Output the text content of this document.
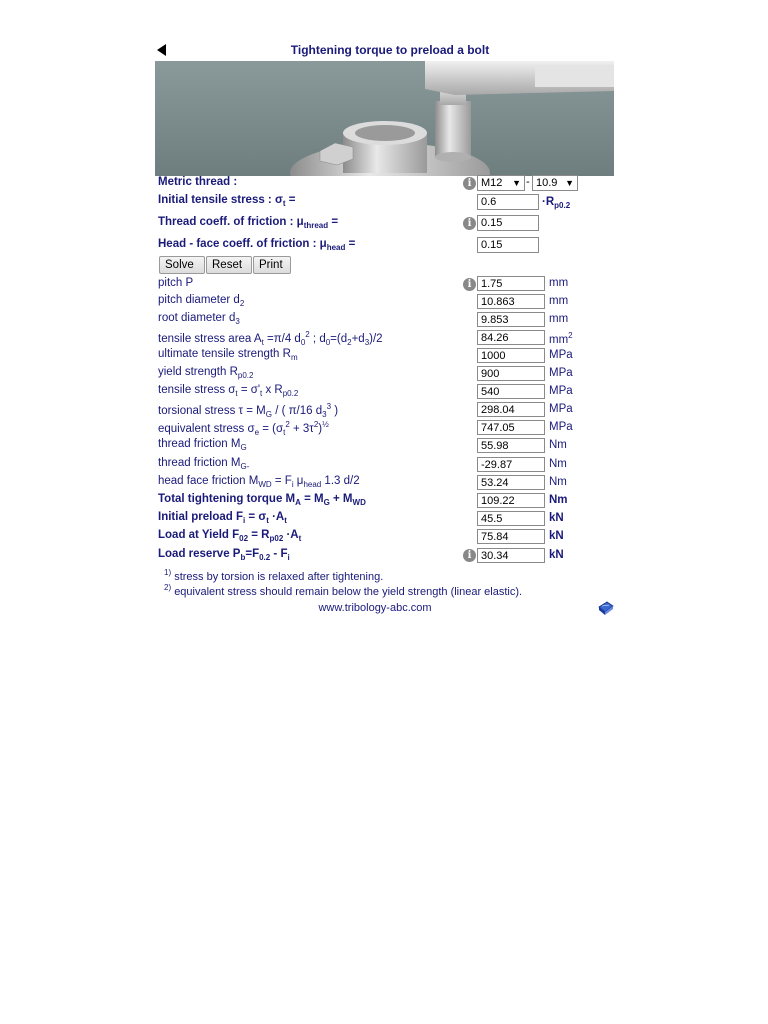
Tightening torque to preload a bolt
Metric thread :	i M12 ▼ - 10.9 ▼
Initial tensile stress : $\sigma_t$ =	0.6	$\cdot R_{p0.2}$
Thread coeff. of friction : $\mu_{thread}$ =	i 0.15
Head - face coeff. of friction : $\mu_{head}$ =	0.15
Solve	Reset	Print
pitch P	i 1.75	mm
pitch diameter $d_2$	10.863	mm
root diameter $d_3$	9.853	mm
tensile stress area $A_t =\pi/4$ $d_0^2$ ; $d_0=(d_2+d_3)/2$	84.26	$mm^2$
ultimate tensile strength $R_m$	1000	MPa
yield strength $R_{p0.2}$	900	MPa
tensile stress $\sigma_t = \sigma'_t$ x $R_{p0.2}$	540	MPa
torsional stress $\tau = M_G$ / ( π/16 $d_3^3$ )	298.04	MPa
equivalent stress $\sigma_e = (\sigma_t^2 + 3\tau^2)^{\frac{1}{2}}$	747.05	MPa
thread friction $M_G$	55.98	Nm
thread friction $M_{G-}$	-29.87	Nm
head face friction $M_{WD} = F_i$ $\mu_{head}$ 1.3 d/2	53.24	Nm
Total tightening torque $M_A = M_G + M_{WD}$	109.22	Nm
Initial preload $F_i = \sigma_t \cdot A_t$	45.5	kN
Load at Yield $F_{02} = R_{p02} \cdot A_t$	75.84	kN
Load reserve $P_b=F_{0.2} - F_i$	i 30.34	kN
$^{1)}$ stress by torsion is relaxed after tightening.
$^{2)}$ equivalent stress should remain below the yield strength (linear elastic).
www.tribology-abc.com
